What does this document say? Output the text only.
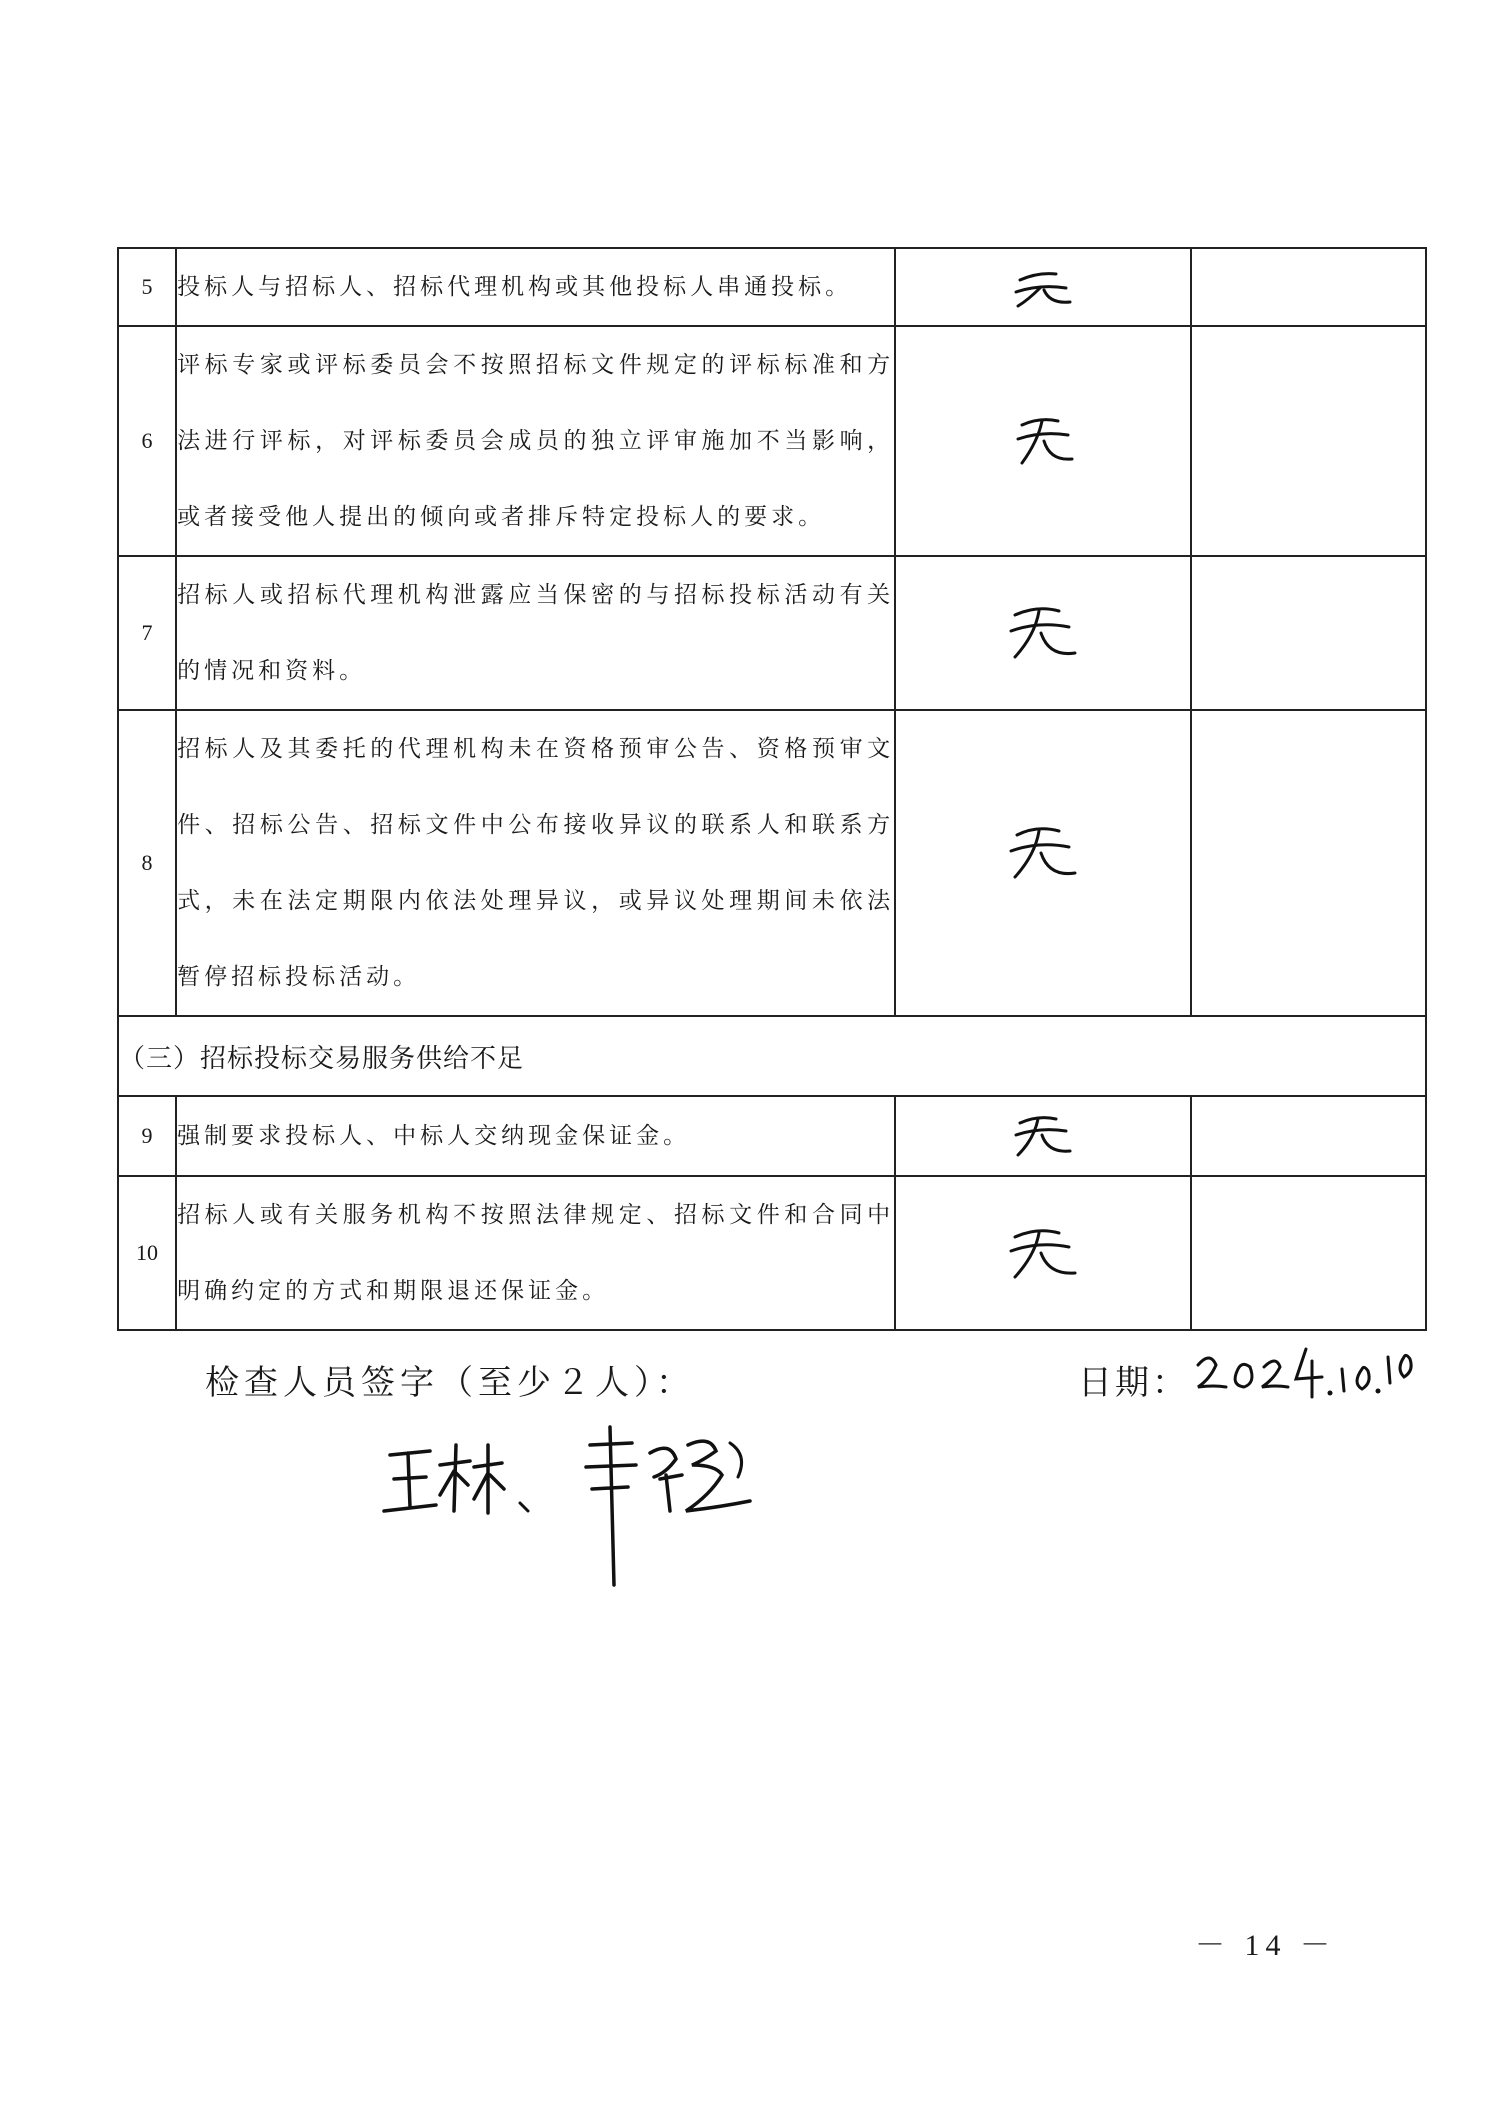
5	投标人与招标人、招标代理机构或其他投标人串通投标。	

6	评标专家或评标委员会不按照招标文件规定的评标标准和方法进行评标，对评标委员会成员的独立评审施加不当影响，或者接受他人提出的倾向或者排斥特定投标人的要求。	

7	招标人或招标代理机构泄露应当保密的与招标投标活动有关的情况和资料。	

8	招标人及其委托的代理机构未在资格预审公告、资格预审文件、招标公告、招标文件中公布接收异议的联系人和联系方式，未在法定期限内依法处理异议，或异议处理期间未依法暂停招标投标活动。	

（三）招标投标交易服务供给不足			
9	强制要求投标人、中标人交纳现金保证金。	

10	招标人或有关服务机构不按照法律规定、招标文件和合同中明确约定的方式和期限退还保证金。	

检查人员签字（至少２人）：	日期：
－ 14 －
